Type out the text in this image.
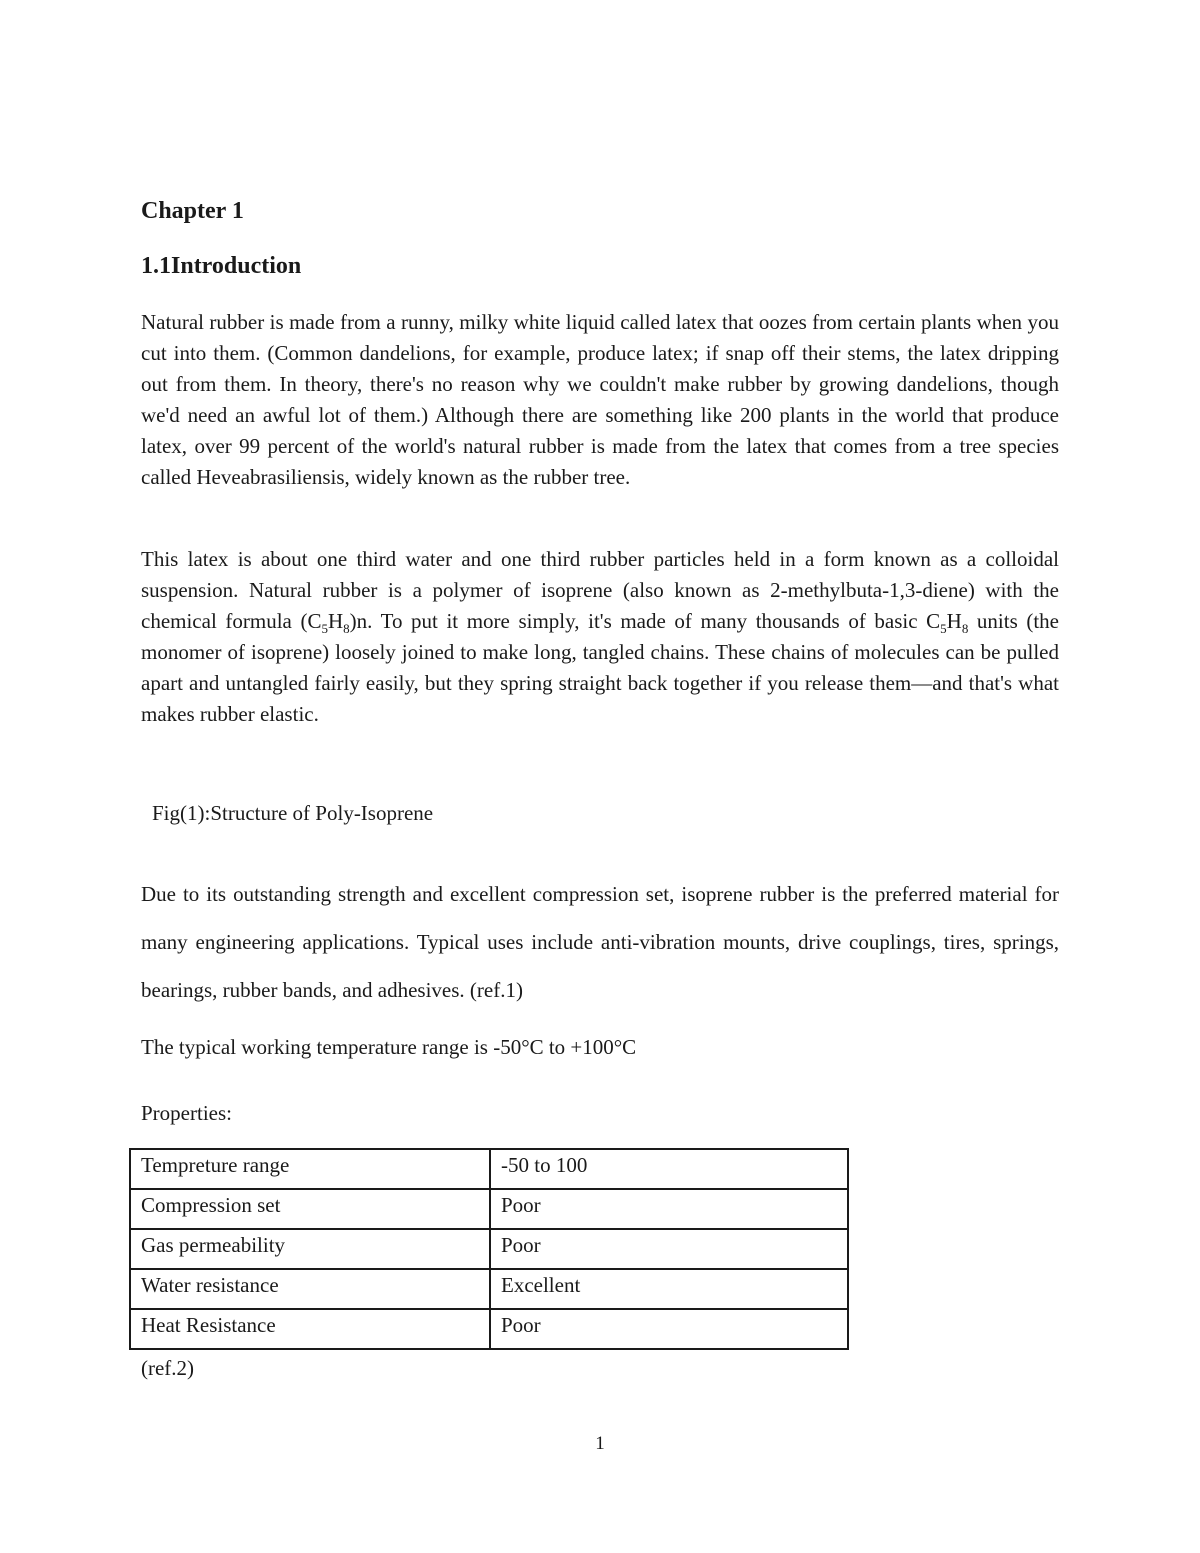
Chapter 1
1.1Introduction

Natural rubber is made from a runny, milky white liquid called latex that oozes from certain plants when you cut into them. (Common dandelions, for example, produce latex; if snap off their stems, the latex dripping out from them. In theory, there's no reason why we couldn't make rubber by growing dandelions, though we'd need an awful lot of them.) Although there are something like 200 plants in the world that produce latex, over 99 percent of the world's natural rubber is made from the latex that comes from a tree species called Heveabrasiliensis, widely known as the rubber tree.

This latex is about one third water and one third rubber particles held in a form known as a colloidal suspension. Natural rubber is a polymer of isoprene (also known as 2-methylbuta-1,3-diene) with the chemical formula $(C_5H_8)n$. To put it more simply, it's made of many thousands of basic $C_5H_8$ units (the monomer of isoprene) loosely joined to make long, tangled chains. These chains of molecules can be pulled apart and untangled fairly easily, but they spring straight back together if you release them—and that's what makes rubber elastic.

Fig(1):Structure of Poly-Isoprene

Due to its outstanding strength and excellent compression set, isoprene rubber is the preferred material for many engineering applications. Typical uses include anti-vibration mounts, drive couplings, tires, springs, bearings, rubber bands, and adhesives. (ref.1)

The typical working temperature range is -50°C to +100°C

Properties:

Tempreture range	-50 to 100
Compression set	Poor
Gas permeability	Poor
Water resistance	Excellent
Heat Resistance	Poor

(ref.2)

1
